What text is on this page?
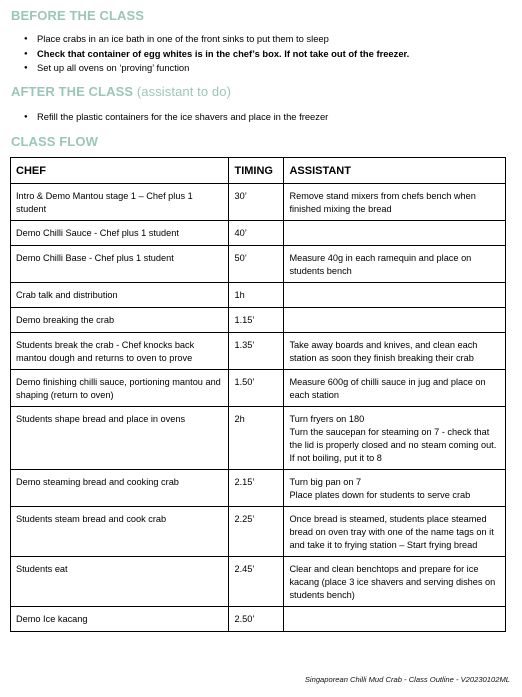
BEFORE THE CLASS
● Place crabs in an ice bath in one of the front sinks to put them to sleep
● Check that container of egg whites is in the chef’s box. If not take out of the freezer.
● Set up all ovens on ‘proving’ function
AFTER THE CLASS (assistant to do)
● Refill the plastic containers for the ice shavers and place in the freezer
CLASS FLOW
CHEF	TIMING	ASSISTANT
Intro & Demo Mantou stage 1 – Chef plus 1 student	30’	Remove stand mixers from chefs bench when finished mixing the bread

Demo Chilli Sauce - Chef plus 1 student	40’	
Demo Chilli Base - Chef plus 1 student	50’	Measure 40g in each ramequin and place on students bench

Crab talk and distribution	1h	
Demo breaking the crab	1.15’	
Students break the crab - Chef knocks back mantou dough and returns to oven to prove	1.35’	Take away boards and knives, and clean each station as soon they finish breaking their crab

Demo finishing chilli sauce, portioning mantou and shaping (return to oven)	1.50’	Measure 600g of chilli sauce in jug and place on each station

Students shape bread and place in ovens	2h	Turn fryers on 180
Turn the saucepan for steaming on 7 - check that the lid is properly closed and no steam coming out. If not boiling, put it to 8

Demo steaming bread and cooking crab	2.15’	Turn big pan on 7
Place plates down for students to serve crab

Students steam bread and cook crab	2.25’	Once bread is steamed, students place steamed bread on oven tray with one of the name tags on it and take it to frying station – Start frying bread

Students eat	2.45’	Clear and clean benchtops and prepare for ice kacang (place 3 ice shavers and serving dishes on students bench)

Demo Ice kacang	2.50’	
Singaporean Chilli Mud Crab - Class Outline - V20230102ML
